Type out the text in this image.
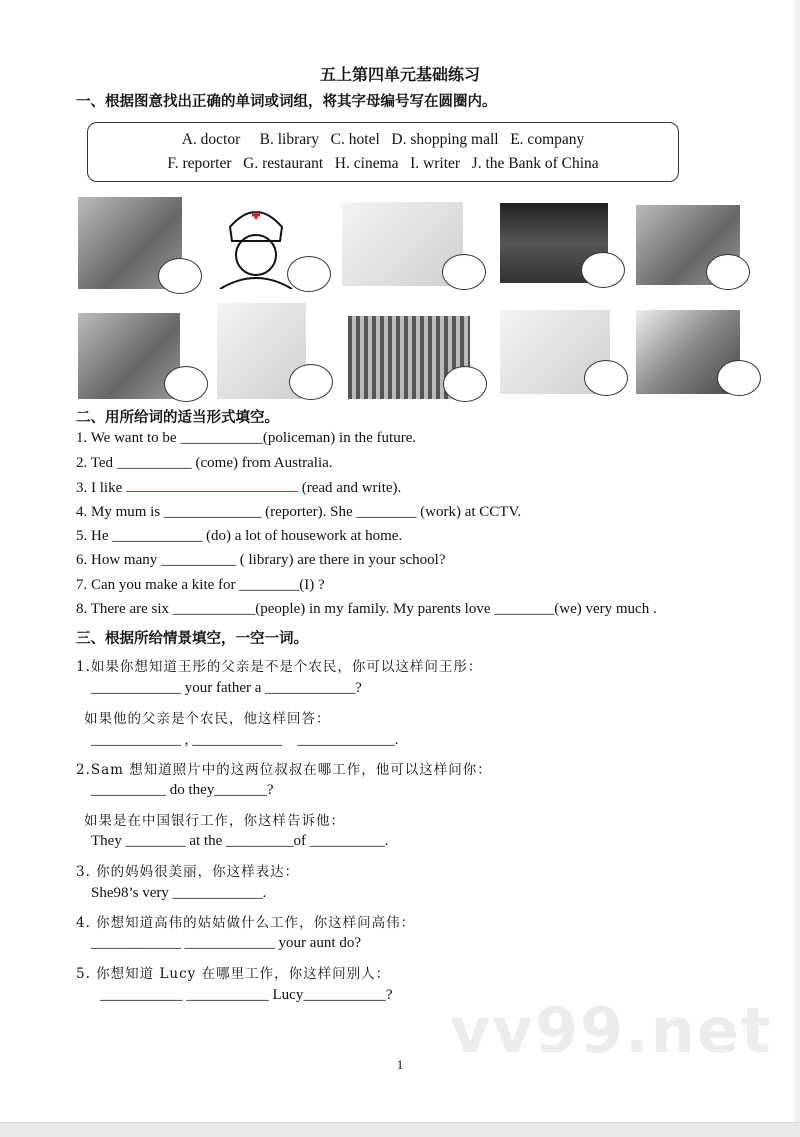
五上第四单元基础练习
一、根据图意找出正确的单词或词组，将其字母编号写在圆圈内。
A. doctor     B. library   C. hotel   D. shopping mall   E. company
F. reporter   G. restaurant   H. cinema   I. writer   J. the Bank of China
二、用所给词的适当形式填空。
1. We want to be ___________(policeman) in the future.
2. Ted __________ (come) from Australia.
3. I like	(read and write).
4. My mum is _____________ (reporter). She ________ (work) at CCTV.
5. He ____________ (do) a lot of housework at home.
6. How many __________ ( library) are there in your school?
7. Can you make a kite for ________(I) ?
8. There are six ___________(people) in my family. My parents love ________(we) very much .
三、根据所给情景填空，一空一词。
1.如果你想知道王彤的父亲是不是个农民，你可以这样问王彤：
____________ your father a ____________?
如果他的父亲是个农民，他这样回答：
____________ , ____________    _____________.
2.Sam 想知道照片中的这两位叔叔在哪工作，他可以这样问你：
__________ do they_______?
如果是在中国银行工作，你这样告诉他：
They ________ at the _________of __________.
3. 你的妈妈很美丽，你这样表达：
She98’s very ____________.
4. 你想知道高伟的姑姑做什么工作，你这样问高伟：
____________ ____________ your aunt do?
5. 你想知道 Lucy 在哪里工作，你这样问别人：
___________ ___________ Lucy___________? vv99.net
1
